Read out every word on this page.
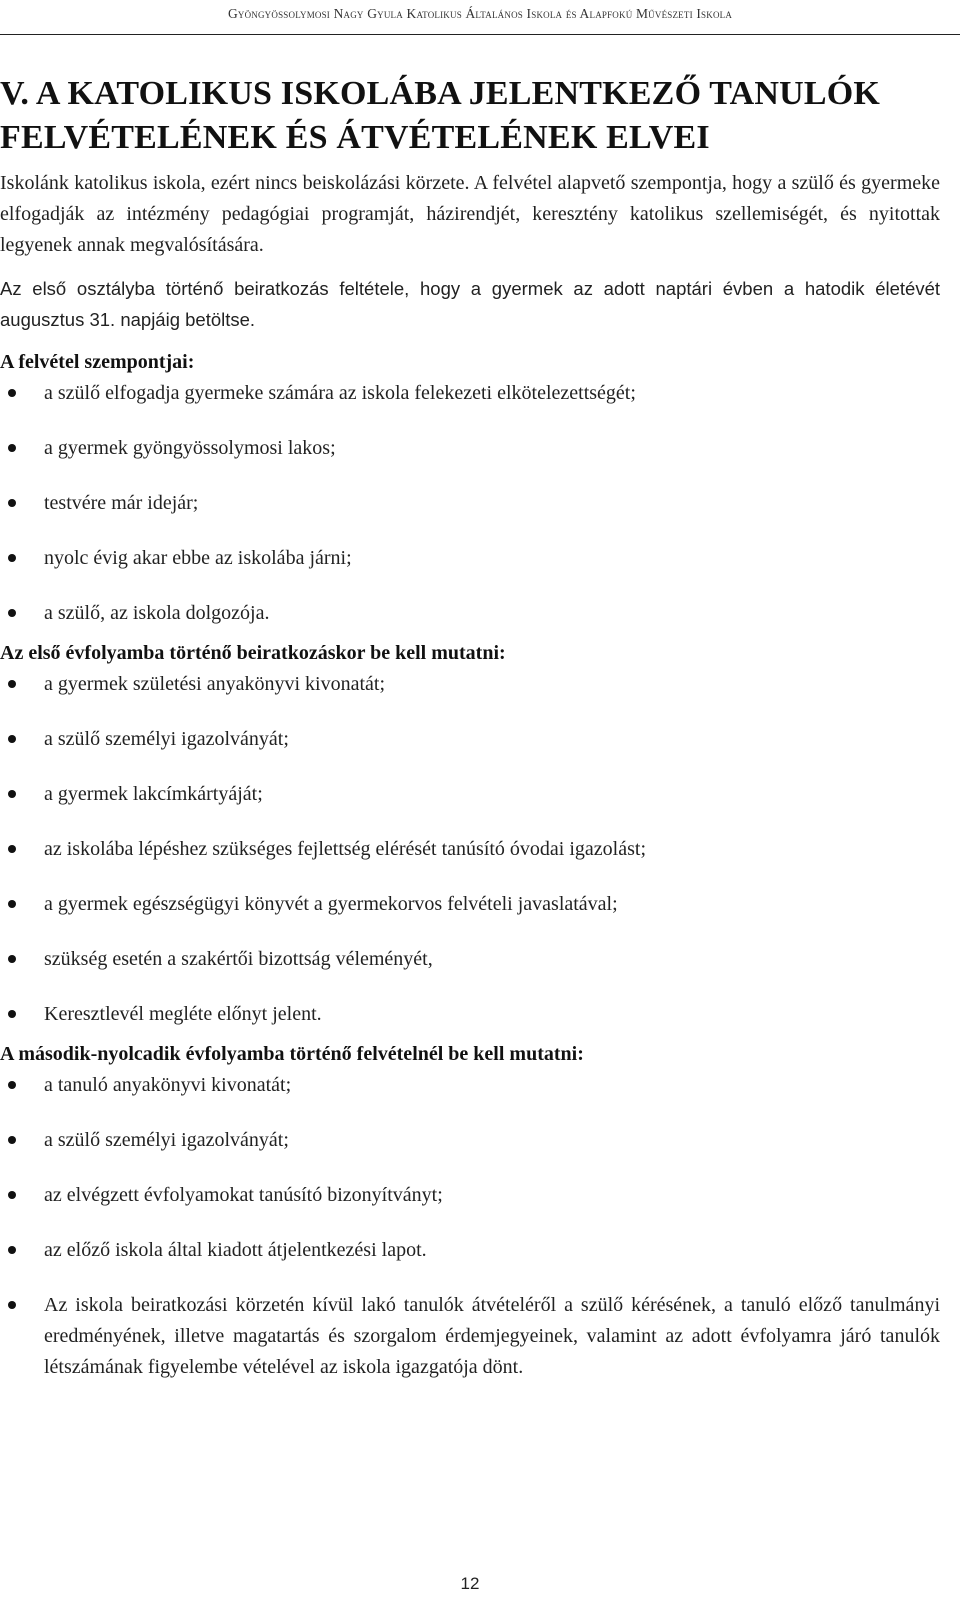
Gyöngyössolymosi Nagy Gyula Katolikus Általános Iskola és Alapfokú Művészeti Iskola
V. A KATOLIKUS ISKOLÁBA JELENTKEZŐ TANULÓK
FELVÉTELÉNEK ÉS ÁTVÉTELÉNEK ELVEI

Iskolánk katolikus iskola, ezért nincs beiskolázási körzete. A felvétel alapvető szempontja, hogy a szülő és gyermeke elfogadják az intézmény pedagógiai programját, házirendjét, keresztény katolikus szellemiségét, és nyitottak legyenek annak megvalósítására.

Az első osztályba történő beiratkozás feltétele, hogy a gyermek az adott naptári évben a hatodik életévét augusztus 31. napjáig betöltse.

A felvétel szempontjai:
a szülő elfogadja gyermeke számára az iskola felekezeti elkötelezettségét;
a gyermek gyöngyössolymosi lakos;
testvére már idejár;
nyolc évig akar ebbe az iskolába járni;
a szülő, az iskola dolgozója.
Az első évfolyamba történő beiratkozáskor be kell mutatni:
a gyermek születési anyakönyvi kivonatát;
a szülő személyi igazolványát;
a gyermek lakcímkártyáját;
az iskolába lépéshez szükséges fejlettség elérését tanúsító óvodai igazolást;
a gyermek egészségügyi könyvét a gyermekorvos felvételi javaslatával;
szükség esetén a szakértői bizottság véleményét,
Keresztlevél megléte előnyt jelent.
A második-nyolcadik évfolyamba történő felvételnél be kell mutatni:
a tanuló anyakönyvi kivonatát;
a szülő személyi igazolványát;
az elvégzett évfolyamokat tanúsító bizonyítványt;
az előző iskola által kiadott átjelentkezési lapot.
Az iskola beiratkozási körzetén kívül lakó tanulók átvételéről a szülő kérésének, a tanuló előző tanulmányi eredményének, illetve magatartás és szorgalom érdemjegyeinek, valamint az adott évfolyamra járó tanulók létszámának figyelembe vételével az iskola igazgatója dönt.
12
